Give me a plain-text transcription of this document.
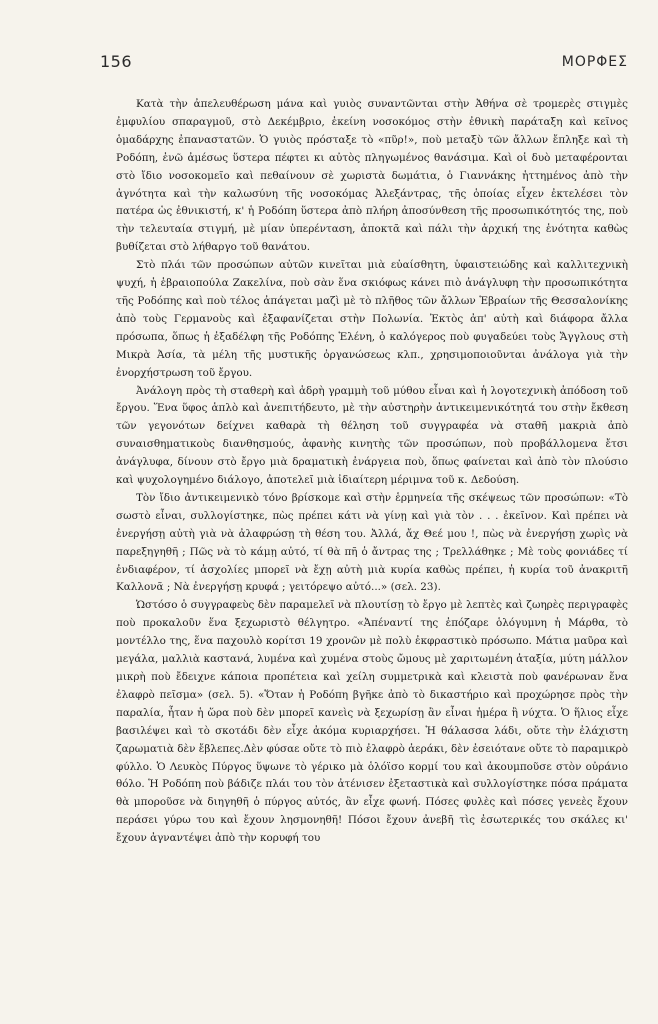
156	ΜΟΡΦΕΣ

Κατὰ τὴν ἀπελευθέρωση μάνα καὶ γυιὸς συναντῶνται στὴν Ἀθήνα σὲ τρομερὲς στιγμὲς ἐμφυλίου σπαραγμοῦ, στὸ Δεκέμβριο, ἐκείνη νοσοκόμος στὴν ἐθνικὴ παράταξη καὶ κεῖνος ὁμαδάρχης ἐπαναστατῶν. Ὁ γυιὸς πρόσταξε τὸ «πῦρ!», ποὺ μεταξὺ τῶν ἄλλων ἔπληξε καὶ τὴ Ροδόπη, ἐνῶ ἀμέσως ὕστερα πέφτει κι αὐτὸς πληγωμένος θανάσιμα. Καὶ οἱ δυὸ μεταφέρονται στὸ ἴδιο νοσοκομεῖο καὶ πεθαίνουν σὲ χωριστὰ δωμάτια, ὁ Γιαννάκης ἡττημένος ἀπὸ τὴν ἀγνότητα καὶ τὴν καλωσύνη τῆς νοσοκόμας Ἀλεξάντρας, τῆς ὁποίας εἶχεν ἐκτελέσει τὸν πατέρα ὡς ἐθνικιστή, κ' ἡ Ροδόπη ὕστερα ἀπὸ πλήρη ἀποσύνθεση τῆς προσωπικότητός της, ποὺ τὴν τελευταία στιγμή, μὲ μίαν ὑπερένταση, ἀποκτᾶ καὶ πάλι τὴν ἀρχική της ἑνότητα καθὼς βυθίζεται στὸ λήθαργο τοῦ θανάτου.

Στὸ πλάι τῶν προσώπων αὐτῶν κινεῖται μιὰ εὐαίσθητη, ὑφαιστειώδης καὶ καλλιτεχνικὴ ψυχή, ἡ ἑβραιοπούλα Ζακελίνα, ποὺ σὰν ἕνα σκιόφως κάνει πιὸ ἀνάγλυφη τὴν προσωπικότητα τῆς Ροδόπης καὶ ποὺ τέλος ἀπάγεται μαζὶ μὲ τὸ πλῆθος τῶν ἄλλων Ἑβραίων τῆς Θεσσαλονίκης ἀπὸ τοὺς Γερμανοὺς καὶ ἐξαφανίζεται στὴν Πολωνία. Ἐκτὸς ἀπ' αὐτὴ καὶ διάφορα ἄλλα πρόσωπα, ὅπως ἡ ἐξαδέλφη τῆς Ροδόπης Ἑλένη, ὁ καλόγερος ποὺ φυγαδεύει τοὺς Ἄγγλους στὴ Μικρὰ Ἀσία, τὰ μέλη τῆς μυστικῆς ὀργανώσεως κλπ., χρησιμοποιοῦνται ἀνάλογα γιὰ τὴν ἐνορχήστρωση τοῦ ἔργου.

Ἀνάλογη πρὸς τὴ σταθερὴ καὶ ἁδρὴ γραμμὴ τοῦ μύθου εἶναι καὶ ἡ λογοτεχνικὴ ἀπόδοση τοῦ ἔργου. Ἕνα ὕφος ἁπλὸ καὶ ἀνεπιτήδευτο, μὲ τὴν αὐστηρὴν ἀντικειμενικότητά του στὴν ἔκθεση τῶν γεγονότων δείχνει καθαρὰ τὴ θέληση τοῦ συγγραφέα νὰ σταθῆ μακριὰ ἀπὸ συναισθηματικοὺς διανθησμούς, ἀφανὴς κινητὴς τῶν προσώπων, ποὺ προβάλλομενα ἔτσι ἀνάγλυφα, δίνουν στὸ ἔργο μιὰ δραματικὴ ἐνάργεια ποὺ, ὅπως φαίνεται καὶ ἀπὸ τὸν πλούσιο καὶ ψυχολογημένο διάλογο, ἀποτελεῖ μιὰ ἰδιαίτερη μέριμνα τοῦ κ. Δεδούση.

Τὸν ἴδιο ἀντικειμενικὸ τόνο βρίσκομε καὶ στὴν ἑρμηνεία τῆς σκέψεως τῶν προσώπων: «Τὸ σωστὸ εἶναι, συλλογίστηκε, πὼς πρέπει κάτι νὰ γίνῃ καὶ γιὰ τὸν . . . ἐκεῖνον. Καὶ πρέπει νὰ ἐνεργήσῃ αὐτὴ γιὰ νὰ ἀλαφρώσῃ τὴ θέση του. Ἀλλά, ἄχ Θεέ μου !, πὼς νὰ ἐνεργήσῃ χωρὶς νὰ παρεξηγηθῆ ; Πῶς νὰ τὸ κάμῃ αὐτό, τί θὰ πῆ ὁ ἄντρας της ; Τρελλάθηκε ; Μὲ τοὺς φονιάδες τί ἐνδιαφέρον, τί ἀσχολίες μπορεῖ νὰ ἔχῃ αὐτὴ μιὰ κυρία καθὼς πρέπει, ἡ κυρία τοῦ ἀνακριτῆ Καλλονᾶ ; Νὰ ἐνεργήσῃ κρυφά ; γειτόρεψο αὐτό...» (σελ. 23).

Ὡστόσο ὁ συγγραφεὺς δὲν παραμελεῖ νὰ πλουτίσῃ τὸ ἔργο μὲ λεπτὲς καὶ ζωηρὲς περιγραφὲς ποὺ προκαλοῦν ἕνα ξεχωριστὸ θέλγητρο. «Ἀπέναντί της ἐπόζαρε ὁλόγυμνη ἡ Μάρθα, τὸ μοντέλλο της, ἕνα παχουλὸ κορίτσι 19 χρονῶν μὲ πολὺ ἐκφραστικὸ πρόσωπο. Μάτια μαῦρα καὶ μεγάλα, μαλλιὰ καστανά, λυμένα καὶ χυμένα στοὺς ὤμους μὲ χαριτωμένη ἀταξία, μύτη μάλλον μικρὴ ποὺ ἔδειχνε κάποια προπέτεια καὶ χείλη συμμετρικὰ καὶ κλειστὰ ποὺ φανέρωναν ἕνα ἐλαφρὸ πεῖσμα» (σελ. 5). «Ὅταν ἡ Ροδόπη βγῆκε ἀπὸ τὸ δικαστήριο καὶ προχώρησε πρὸς τὴν παραλία, ἦταν ἡ ὥρα ποὺ δὲν μπορεῖ κανεὶς νὰ ξεχωρίσῃ ἂν εἶναι ἡμέρα ἢ νύχτα. Ὁ ἥλιος εἶχε βασιλέψει καὶ τὸ σκοτάδι δὲν εἶχε ἀκόμα κυριαρχήσει. Ἡ θάλασσα λάδι, οὔτε τὴν ἐλάχιστη ζαρωματιὰ δὲν ἔβλεπες.Δὲν φύσαε οὔτε τὸ πιὸ ἐλαφρὸ ἀεράκι, δὲν ἐσειότανε οὔτε τὸ παραμικρὸ φύλλο. Ὁ Λευκὸς Πύργος ὕψωνε τὸ γέρικο μὰ ὁλόϊσο κορμί του καὶ ἀκουμποῦσε στὸν οὐράνιο θόλο. Ἡ Ροδόπη ποὺ βάδιζε πλάι του τὸν ἀτένισεν ἐξεταστικὰ καὶ συλλογίστηκε πόσα πράματα θὰ μποροῦσε νὰ διηγηθῆ ὁ πύργος αὐτός, ἂν εἶχε φωνή. Πόσες φυλὲς καὶ πόσες γενεὲς ἔχουν περάσει γύρω του καὶ ἔχουν λησμονηθῆ! Πόσοι ἔχουν ἀνεβῆ τὶς ἐσωτερικές του σκάλες κι' ἔχουν ἀγναντέψει ἀπὸ τὴν κορυφή του
